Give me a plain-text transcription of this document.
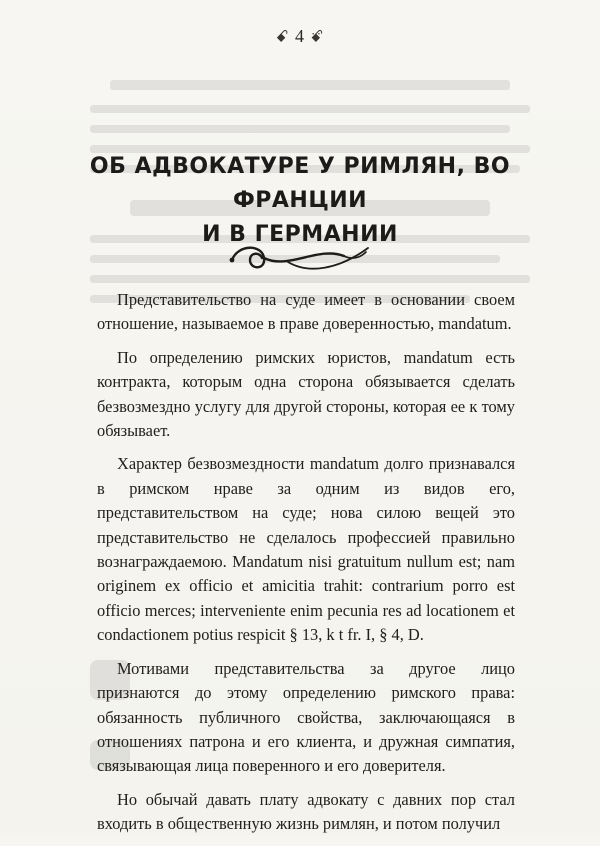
ꗃ 4 ꗄ
ОБ АДВОКАТУРЕ У РИМЛЯН, ВО ФРАНЦИИ
И В ГЕРМАНИИ

Представительство на суде имеет в основании своем отношение, называемое в праве доверенностью, mandatum.

По определению римских юристов, mandatum есть контракта, которым одна сторона обязывается сделать безвозмездно услугу для другой стороны, которая ее к тому обязывает.

Характер безвозмездности mandatum долго признавался в римском нраве за одним из видов его, представительством на суде; нова силою вещей это представительство не сделалось профессией правильно вознаграждаемою. Mandatum nisi gratuitum nullum est; nam originem ex officio et amicitia trahit: contrarium porro est officio merces; interveniente enim pecunia res ad locationem et condactionem potius respicit § 13, k t fr. I, § 4, D.

Мотивами представительства за другое лицо признаются до этому определению римского права: обязанность публичного свойства, заключающаяся в отношениях патрона и его клиента, и дружная симпатия, связывающая лица поверенного и его доверителя.

Но обычай давать плату адвокату с давних пор стал входить в общественную жизнь римлян, и потом получил
